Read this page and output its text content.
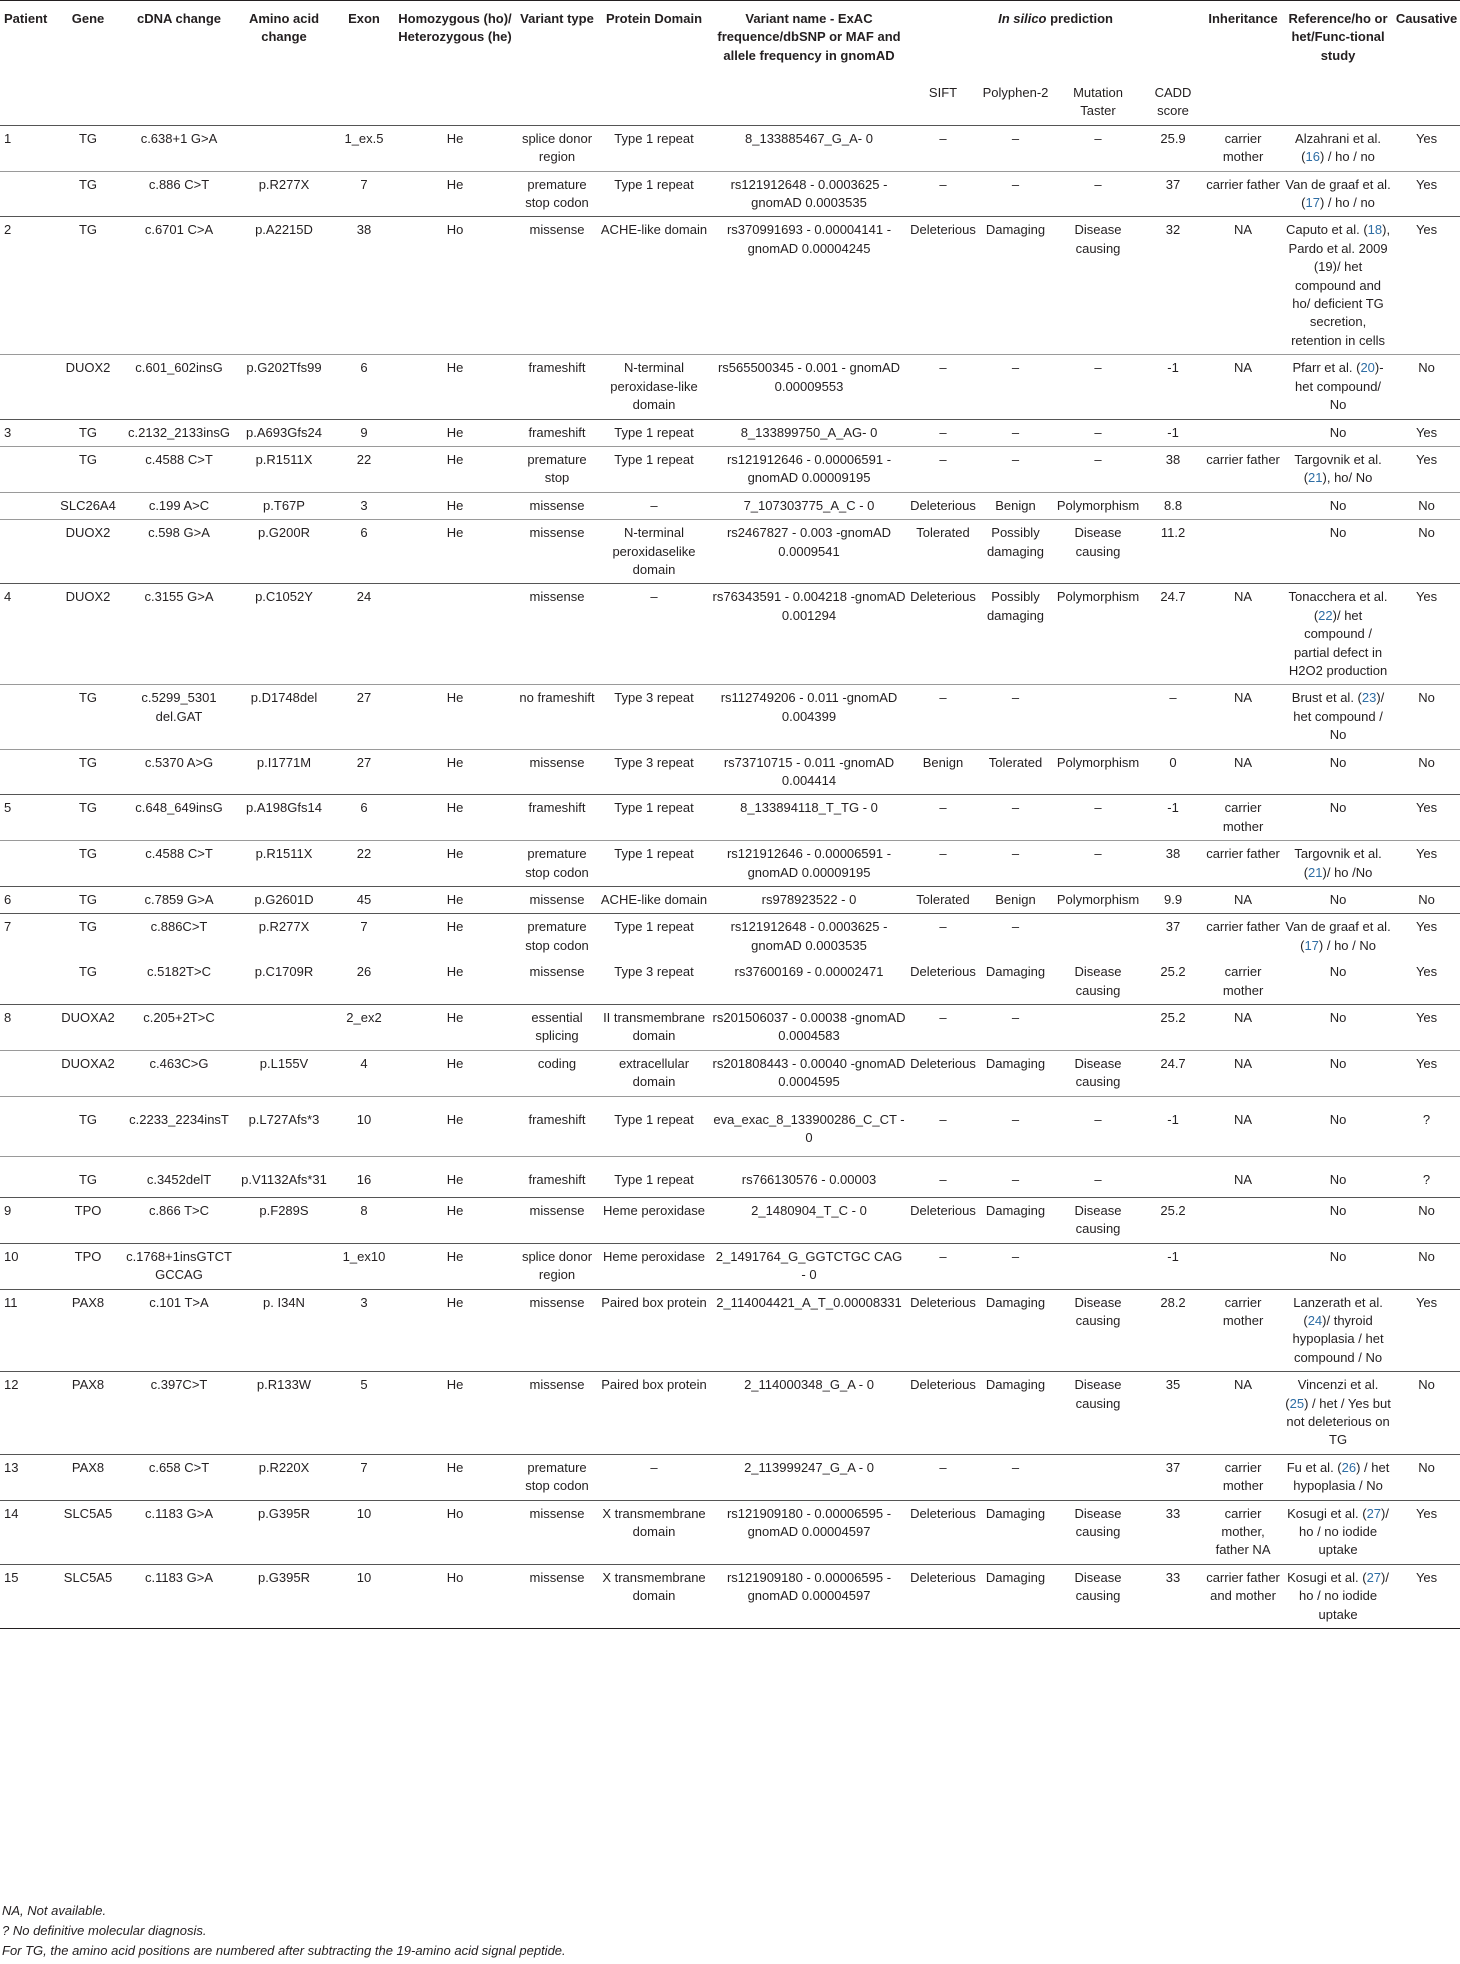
Patient	Gene	cDNA change	Amino acid change	Exon	Homozygous (ho)/ Heterozygous (he)	Variant type	Protein Domain	Variant name - ExAC frequence/dbSNP or MAF and allele frequency in gnomAD	In silico prediction				Inheritance	Reference/ho or het/Func-tional study	Causative
									SIFT	Polyphen-2	Mutation Taster	CADD score			
1	TG	c.638+1 G>A		1_ex.5	He	splice donor region	Type 1 repeat	8_133885467_G_A- 0	–	–	–	25.9	carrier mother	Alzahrani et al. (16) / ho / no	Yes
	TG	c.886 C>T	p.R277X	7	He	premature stop codon	Type 1 repeat	rs121912648 - 0.0003625 - gnomAD 0.0003535	–	–	–	37	carrier father	Van de graaf et al. (17) / ho / no	Yes
2	TG	c.6701 C>A	p.A2215D	38	Ho	missense	ACHE-like domain	rs370991693 - 0.00004141 - gnomAD 0.00004245	Deleterious	Damaging	Disease causing	32	NA	Caputo et al. (18), Pardo et al. 2009 (19)/ het compound and ho/ deficient TG secretion, retention in cells	Yes
	DUOX2	c.601_602insG	p.G202Tfs99	6	He	frameshift	N-terminal peroxidase-like domain	rs565500345 - 0.001 - gnomAD 0.00009553	–	–	–	-1	NA	Pfarr et al. (20)- het compound/ No	No
3	TG	c.2132_2133insG	p.A693Gfs24	9	He	frameshift	Type 1 repeat	8_133899750_A_AG- 0	–	–	–	-1		No	Yes
	TG	c.4588 C>T	p.R1511X	22	He	premature stop	Type 1 repeat	rs121912646 - 0.00006591 -gnomAD 0.00009195	–	–	–	38	carrier father	Targovnik et al. (21), ho/ No	Yes
	SLC26A4	c.199 A>C	p.T67P	3	He	missense	–	7_107303775_A_C - 0	Deleterious	Benign	Polymorphism	8.8		No	No
	DUOX2	c.598 G>A	p.G200R	6	He	missense	N-terminal peroxidaselike domain	rs2467827 - 0.003 -gnomAD 0.0009541	Tolerated	Possibly damaging	Disease causing	11.2		No	No
4	DUOX2	c.3155 G>A	p.C1052Y	24		missense	–	rs76343591 - 0.004218 -gnomAD 0.001294	Deleterious	Possibly damaging	Polymorphism	24.7	NA	Tonacchera et al. (22)/ het compound / partial defect in H2O2 production	Yes
	TG	c.5299_5301 del.GAT	p.D1748del	27	He	no frameshift	Type 3 repeat	rs112749206 - 0.011 -gnomAD 0.004399	–	–		–	NA	Brust et al. (23)/ het compound / No	No
	TG	c.5370 A>G	p.I1771M	27	He	missense	Type 3 repeat	rs73710715 - 0.011 -gnomAD 0.004414	Benign	Tolerated	Polymorphism	0	NA	No	No
5	TG	c.648_649insG	p.A198Gfs14	6	He	frameshift	Type 1 repeat	8_133894118_T_TG - 0	–	–	–	-1	carrier mother	No	Yes
	TG	c.4588 C>T	p.R1511X	22	He	premature stop codon	Type 1 repeat	rs121912646 - 0.00006591 -gnomAD 0.00009195	–	–	–	38	carrier father	Targovnik et al. (21)/ ho /No	Yes
6	TG	c.7859 G>A	p.G2601D	45	He	missense	ACHE-like domain	rs978923522 - 0	Tolerated	Benign	Polymorphism	9.9	NA	No	No
7	TG	c.886C>T	p.R277X	7	He	premature stop codon	Type 1 repeat	rs121912648 - 0.0003625 -gnomAD 0.0003535	–	–		37	carrier father	Van de graaf et al. (17) / ho / No	Yes
	TG	c.5182T>C	p.C1709R	26	He	missense	Type 3 repeat	rs37600169 - 0.00002471	Deleterious	Damaging	Disease causing	25.2	carrier mother	No	Yes
8	DUOXA2	c.205+2T>C		2_ex2	He	essential splicing	II transmembrane domain	rs201506037 - 0.00038 -gnomAD 0.0004583	–	–		25.2	NA	No	Yes
	DUOXA2	c.463C>G	p.L155V	4	He	coding	extracellular domain	rs201808443 - 0.00040 -gnomAD 0.0004595	Deleterious	Damaging	Disease causing	24.7	NA	No	Yes
	TG	c.2233_2234insT	p.L727Afs*3	10	He	frameshift	Type 1 repeat	eva_exac_8_133900286_C_CT - 0	–	–	–	-1	NA	No	?
	TG	c.3452delT	p.V1132Afs*31	16	He	frameshift	Type 1 repeat	rs766130576 - 0.00003	–	–	–		NA	No	?
9	TPO	c.866 T>C	p.F289S	8	He	missense	Heme peroxidase	2_1480904_T_C - 0	Deleterious	Damaging	Disease causing	25.2		No	No
10	TPO	c.1768+1insGTCTGCCAG		1_ex10	He	splice donor region	Heme peroxidase	2_1491764_G_GGTCTGC CAG - 0	–	–		-1		No	No
11	PAX8	c.101 T>A	p. I34N	3	He	missense	Paired box protein	2_114004421_A_T_0.00008331	Deleterious	Damaging	Disease causing	28.2	carrier mother	Lanzerath et al. (24)/ thyroid hypoplasia / het compound / No	Yes
12	PAX8	c.397C>T	p.R133W	5	He	missense	Paired box protein	2_114000348_G_A - 0	Deleterious	Damaging	Disease causing	35	NA	Vincenzi et al. (25) / het / Yes but not deleterious on TG	No
13	PAX8	c.658 C>T	p.R220X	7	He	premature stop codon	–	2_113999247_G_A - 0	–	–		37	carrier mother	Fu et al. (26) / het hypoplasia / No	No
14	SLC5A5	c.1183 G>A	p.G395R	10	Ho	missense	X transmembrane domain	rs121909180 - 0.00006595 -gnomAD 0.00004597	Deleterious	Damaging	Disease causing	33	carrier mother, father NA	Kosugi et al. (27)/ ho / no iodide uptake	Yes
15	SLC5A5	c.1183 G>A	p.G395R	10	Ho	missense	X transmembrane domain	rs121909180 - 0.00006595 -gnomAD 0.00004597	Deleterious	Damaging	Disease causing	33	carrier father and mother	Kosugi et al. (27)/ ho / no iodide uptake	Yes
NA, Not available.
? No definitive molecular diagnosis.
For TG, the amino acid positions are numbered after subtracting the 19-amino acid signal peptide.
